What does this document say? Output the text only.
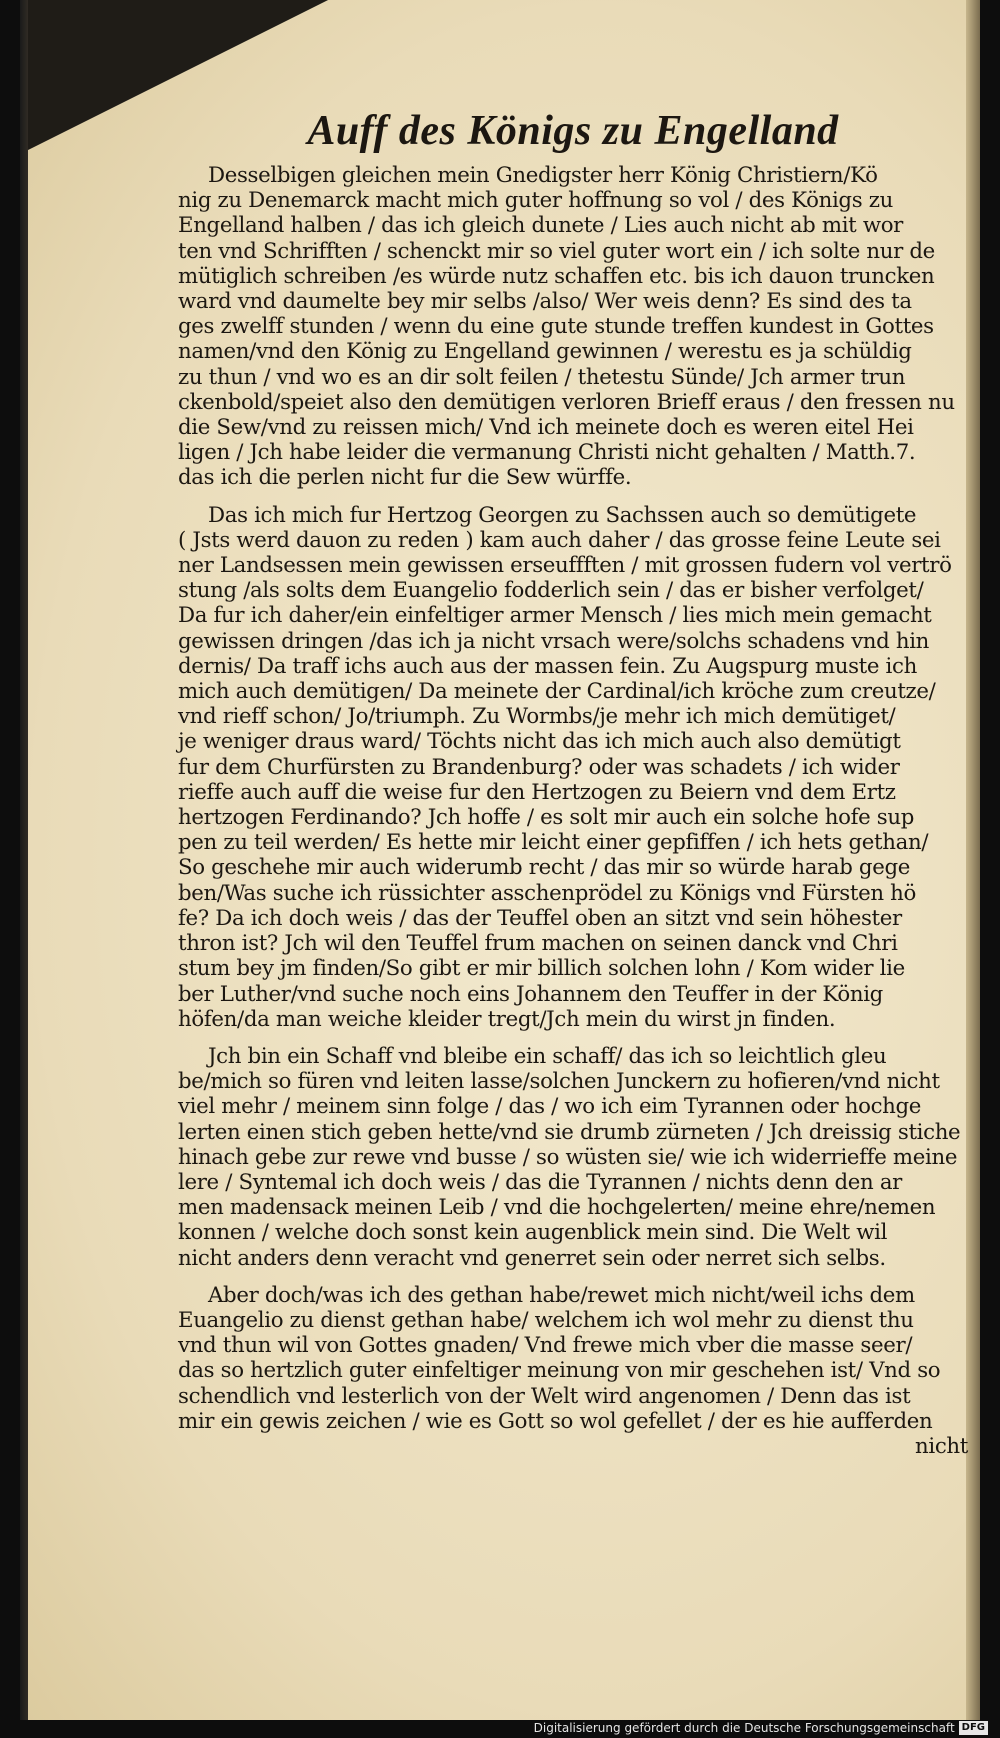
Auff des Königs zu Engelland
Desselbigen gleichen mein Gnedigster herr König Christiern/Kö
nig zu Denemarck macht mich guter hoffnung so vol / des Königs zu
Engelland halben / das ich gleich dunete / Lies auch nicht ab mit wor
ten vnd Schrifften / schenckt mir so viel guter wort ein / ich solte nur de
mütiglich schreiben /es würde nutz schaffen etc. bis ich dauon truncken
ward vnd daumelte bey mir selbs /also/ Wer weis denn? Es sind des ta
ges zwelff stunden / wenn du eine gute stunde treffen kundest in Gottes
namen/vnd den König zu Engelland gewinnen / werestu es ja schüldig
zu thun / vnd wo es an dir solt feilen / thetestu Sünde/ Jch armer trun
ckenbold/speiet also den demütigen verloren Brieff eraus / den fressen nu
die Sew/vnd zu reissen mich/ Vnd ich meinete doch es weren eitel Hei
ligen / Jch habe leider die vermanung Christi nicht gehalten / Matth.7.
das ich die perlen nicht fur die Sew würffe.
Das ich mich fur Hertzog Georgen zu Sachssen auch so demütigete
( Jsts werd dauon zu reden ) kam auch daher / das grosse feine Leute sei
ner Landsessen mein gewissen erseuffften / mit grossen fudern vol vertrö
stung /als solts dem Euangelio fodderlich sein / das er bisher verfolget/
Da fur ich daher/ein einfeltiger armer Mensch / lies mich mein gemacht
gewissen dringen /das ich ja nicht vrsach were/solchs schadens vnd hin
dernis/ Da traff ichs auch aus der massen fein. Zu Augspurg muste ich
mich auch demütigen/ Da meinete der Cardinal/ich kröche zum creutze/
vnd rieff schon/ Jo/triumph. Zu Wormbs/je mehr ich mich demütiget/
je weniger draus ward/ Töchts nicht das ich mich auch also demütigt
fur dem Churfürsten zu Brandenburg? oder was schadets / ich wider
rieffe auch auff die weise fur den Hertzogen zu Beiern vnd dem Ertz
hertzogen Ferdinando? Jch hoffe / es solt mir auch ein solche hofe sup
pen zu teil werden/ Es hette mir leicht einer gepfiffen / ich hets gethan/
So geschehe mir auch widerumb recht / das mir so würde harab gege
ben/Was suche ich rüssichter asschenprödel zu Königs vnd Fürsten hö
fe? Da ich doch weis / das der Teuffel oben an sitzt vnd sein höhester
thron ist? Jch wil den Teuffel frum machen on seinen danck vnd Chri
stum bey jm finden/So gibt er mir billich solchen lohn / Kom wider lie
ber Luther/vnd suche noch eins Johannem den Teuffer in der König
höfen/da man weiche kleider tregt/Jch mein du wirst jn finden.
Jch bin ein Schaff vnd bleibe ein schaff/ das ich so leichtlich gleu
be/mich so füren vnd leiten lasse/solchen Junckern zu hofieren/vnd nicht
viel mehr / meinem sinn folge / das / wo ich eim Tyrannen oder hochge
lerten einen stich geben hette/vnd sie drumb zürneten / Jch dreissig stiche
hinach gebe zur rewe vnd busse / so wüsten sie/ wie ich widerrieffe meine
lere / Syntemal ich doch weis / das die Tyrannen / nichts denn den ar
men madensack meinen Leib / vnd die hochgelerten/ meine ehre/nemen
konnen / welche doch sonst kein augenblick mein sind. Die Welt wil
nicht anders denn veracht vnd generret sein oder nerret sich selbs.
Aber doch/was ich des gethan habe/rewet mich nicht/weil ichs dem
Euangelio zu dienst gethan habe/ welchem ich wol mehr zu dienst thu
vnd thun wil von Gottes gnaden/ Vnd frewe mich vber die masse seer/
das so hertzlich guter einfeltiger meinung von mir geschehen ist/ Vnd so
schendlich vnd lesterlich von der Welt wird angenomen / Denn das ist
mir ein gewis zeichen / wie es Gott so wol gefellet / der es hie aufferden
nicht
Digitalisierung gefördert durch die Deutsche Forschungsgemeinschaft DFG
